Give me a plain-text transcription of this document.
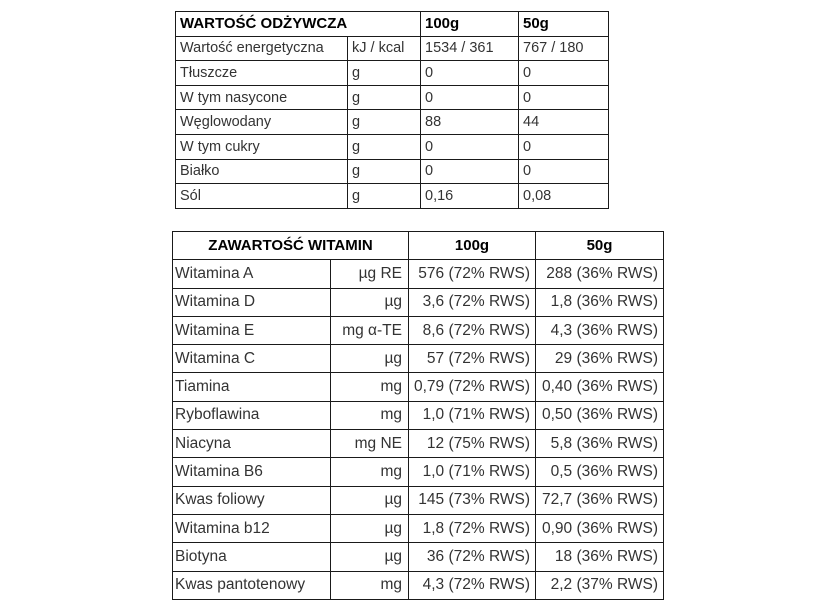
WARTOŚĆ ODŻYWCZA		100g	50g
Wartość energetyczna	kJ / kcal	1534 / 361	767 / 180
Tłuszcze	g	0	0
W tym nasycone	g	0	0
Węglowodany	g	88	44
W tym cukry	g	0	0
Białko	g	0	0
Sól	g	0,16	0,08
ZAWARTOŚĆ WITAMIN		100g	50g
Witamina A	µg RE	576 (72% RWS)	288 (36% RWS)
Witamina D	µg	3,6 (72% RWS)	1,8 (36% RWS)
Witamina E	mg α-TE	8,6 (72% RWS)	4,3 (36% RWS)
Witamina C	µg	57 (72% RWS)	29 (36% RWS)
Tiamina	mg	0,79 (72% RWS)	0,40 (36% RWS)
Ryboflawina	mg	1,0 (71% RWS)	0,50 (36% RWS)
Niacyna	mg NE	12 (75% RWS)	5,8 (36% RWS)
Witamina B6	mg	1,0 (71% RWS)	0,5 (36% RWS)
Kwas foliowy	µg	145 (73% RWS)	72,7 (36% RWS)
Witamina b12	µg	1,8 (72% RWS)	0,90 (36% RWS)
Biotyna	µg	36 (72% RWS)	18 (36% RWS)
Kwas pantotenowy	mg	4,3 (72% RWS)	2,2 (37% RWS)
